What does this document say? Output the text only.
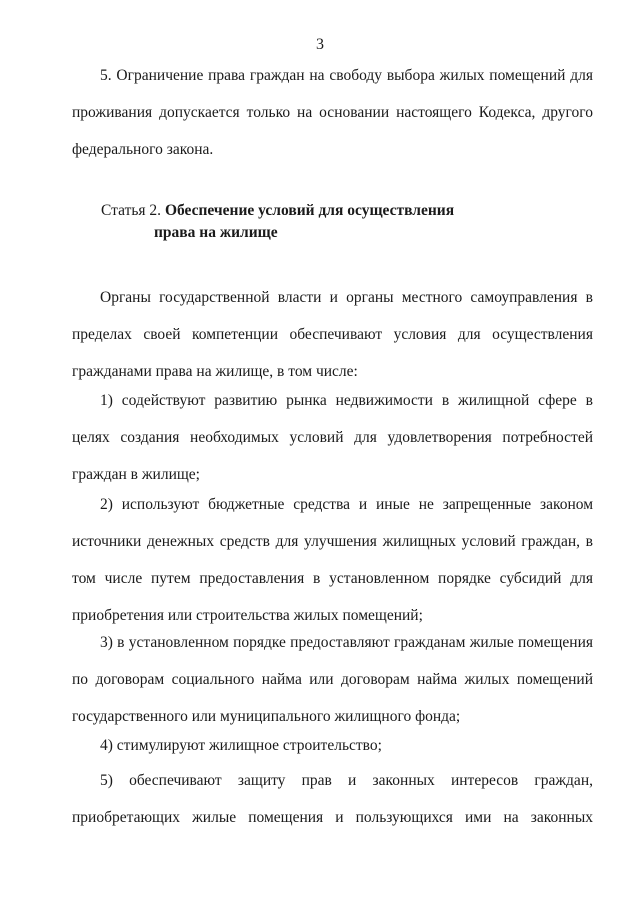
3

5. Ограничение права граждан на свободу выбора жилых помещений для проживания допускается только на основании настоящего Кодекса, другого федерального закона.

Статья 2. Обеспечение условий для осуществления
права на жилище

Органы государственной власти и органы местного самоуправления в пределах своей компетенции обеспечивают условия для осуществления гражданами права на жилище, в том числе:

1) содействуют развитию рынка недвижимости в жилищной сфере в целях создания необходимых условий для удовлетворения потребностей граждан в жилище;

2) используют бюджетные средства и иные не запрещенные законом источники денежных средств для улучшения жилищных условий граждан, в том числе путем предоставления в установленном порядке субсидий для приобретения или строительства жилых помещений;

3) в установленном порядке предоставляют гражданам жилые помещения по договорам социального найма или договорам найма жилых помещений государственного или муниципального жилищного фонда;

4) стимулируют жилищное строительство;

5) обеспечивают защиту прав и законных интересов граждан, приобретающих жилые помещения и пользующихся ими на законных
